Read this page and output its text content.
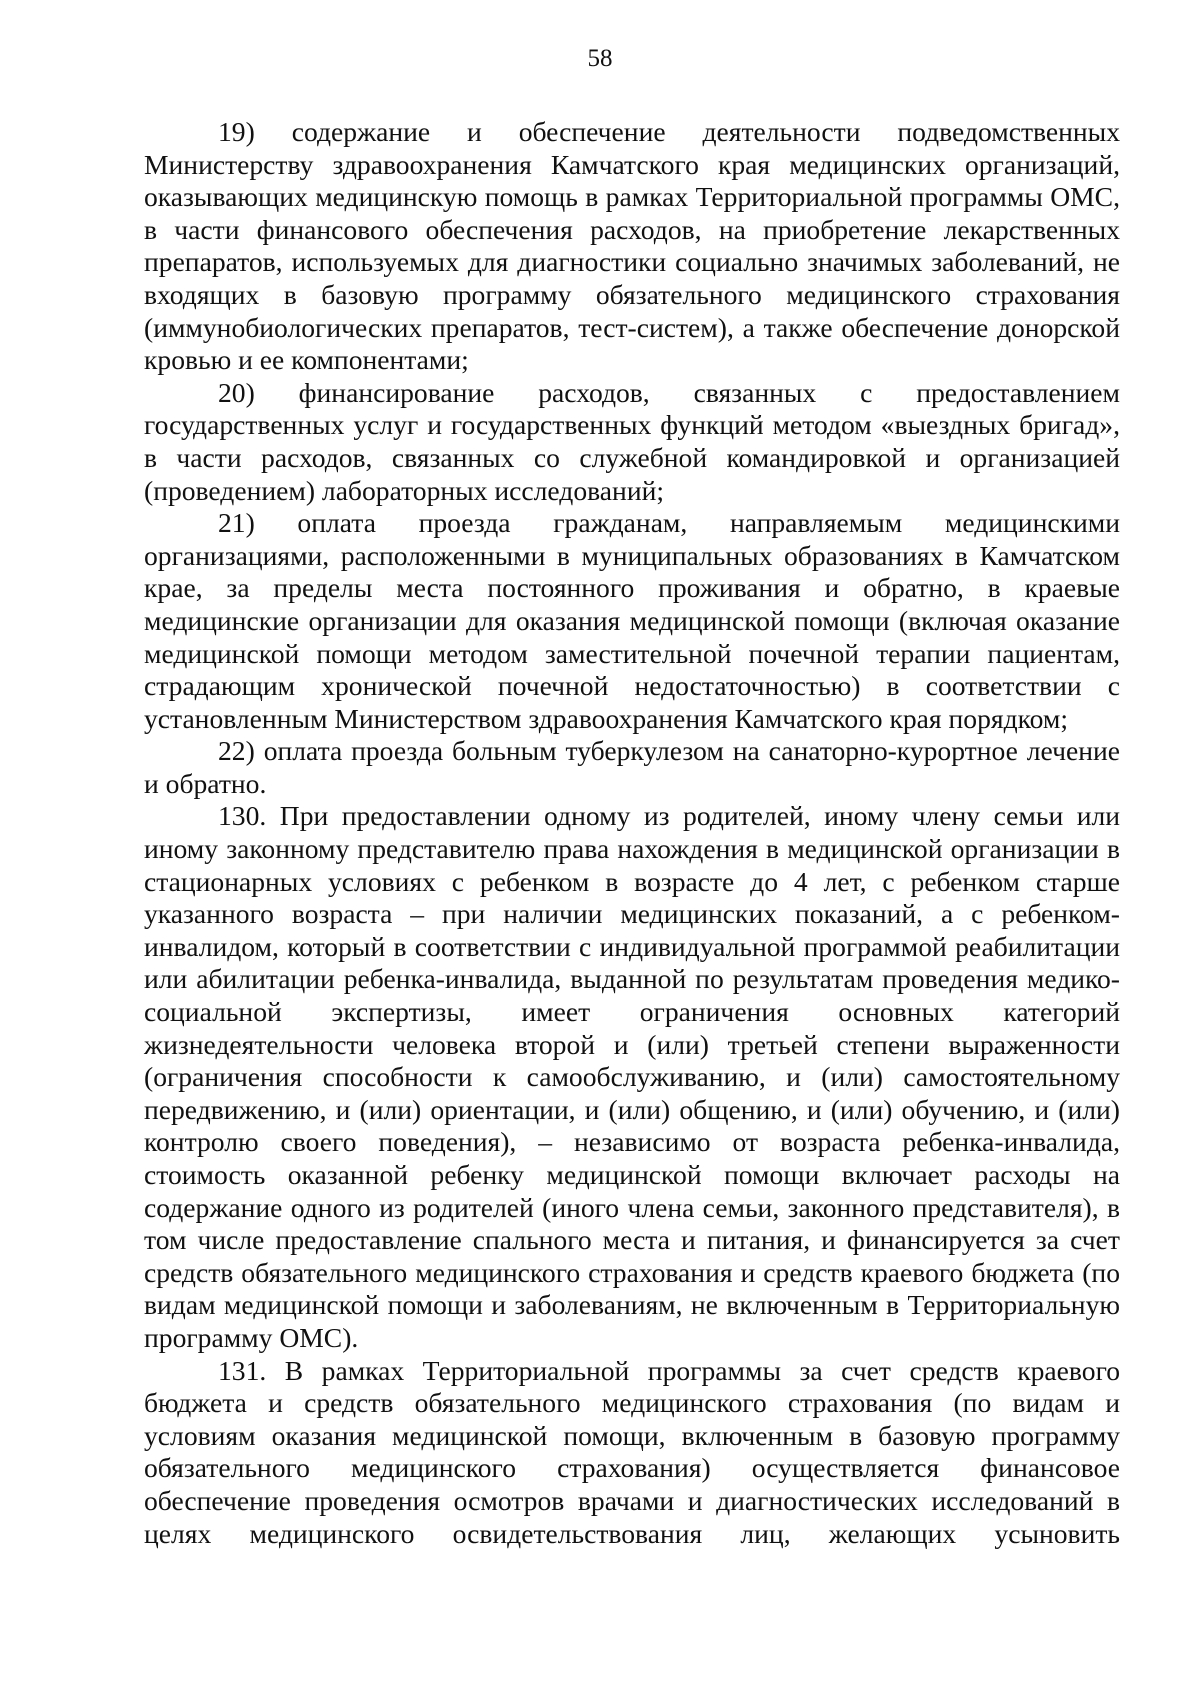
58

19) содержание и обеспечение деятельности подведомственных Министерству здравоохранения Камчатского края медицинских организаций, оказывающих медицинскую помощь в рамках Территориальной программы ОМС, в части финансового обеспечения расходов, на приобретение лекарственных препаратов, используемых для диагностики социально значимых заболеваний, не входящих в базовую программу обязательного медицинского страхования (иммунобиологических препаратов, тест-систем), а также обеспечение донорской кровью и ее компонентами;

20) финансирование расходов, связанных с предоставлением государственных услуг и государственных функций методом «выездных бригад», в части расходов, связанных со служебной командировкой и организацией (проведением) лабораторных исследований;

21) оплата проезда гражданам, направляемым медицинскими организациями, расположенными в муниципальных образованиях в Камчатском крае, за пределы места постоянного проживания и обратно, в краевые медицинские организации для оказания медицинской помощи (включая оказание медицинской помощи методом заместительной почечной терапии пациентам, страдающим хронической почечной недостаточностью) в соответствии с установленным Министерством здравоохранения Камчатского края порядком;

22) оплата проезда больным туберкулезом на санаторно-курортное лечение и обратно.

130. При предоставлении одному из родителей, иному члену семьи или иному законному представителю права нахождения в медицинской организации в стационарных условиях с ребенком в возрасте до 4 лет, с ребенком старше указанного возраста – при наличии медицинских показаний, а с ребенком-инвалидом, который в соответствии с индивидуальной программой реабилитации или абилитации ребенка-инвалида, выданной по результатам проведения медико-социальной экспертизы, имеет ограничения основных категорий жизнедеятельности человека второй и (или) третьей степени выраженности (ограничения способности к самообслуживанию, и (или) самостоятельному передвижению, и (или) ориентации, и (или) общению, и (или) обучению, и (или) контролю своего поведения), – независимо от возраста ребенка-инвалида, стоимость оказанной ребенку медицинской помощи включает расходы на содержание одного из родителей (иного члена семьи, законного представителя), в том числе предоставление спального места и питания, и финансируется за счет средств обязательного медицинского страхования и средств краевого бюджета (по видам медицинской помощи и заболеваниям, не включенным в Территориальную программу ОМС).

131. В рамках Территориальной программы за счет средств краевого бюджета и средств обязательного медицинского страхования (по видам и условиям оказания медицинской помощи, включенным в базовую программу обязательного медицинского страхования) осуществляется финансовое обеспечение проведения осмотров врачами и диагностических исследований в целях медицинского освидетельствования лиц, желающих усыновить
